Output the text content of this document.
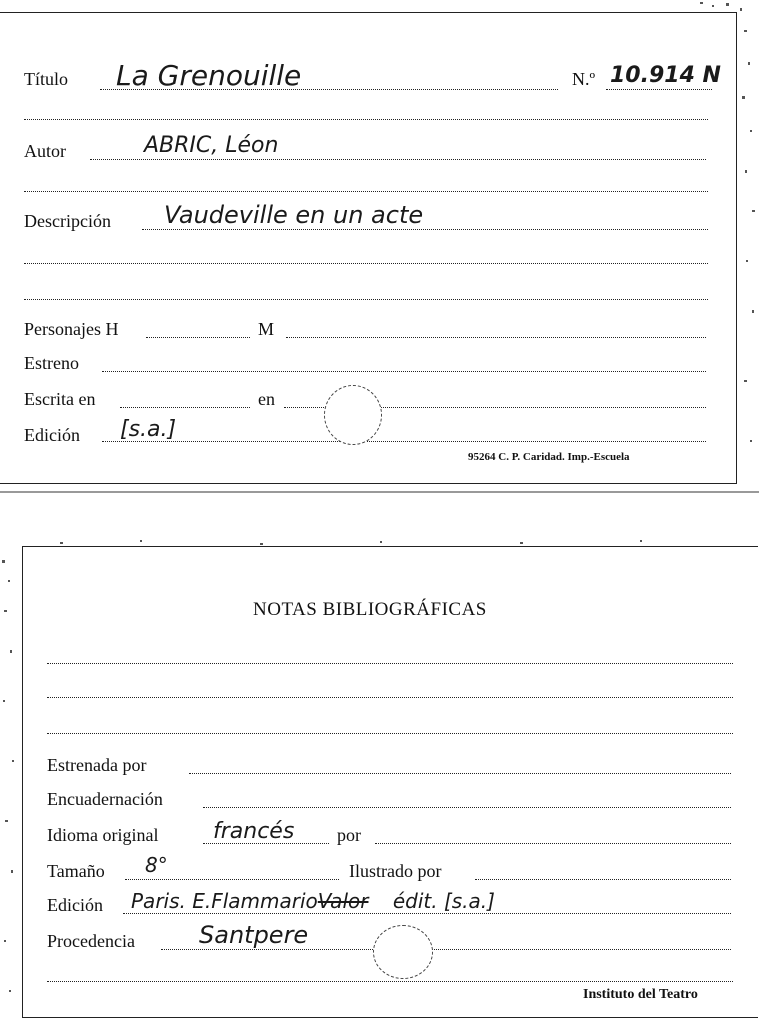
Título La Grenouille	N.º 10.914 N
Autor	ABRIC, Léon
Descripción Vaudeville en un acte
Personajes H	M
Estreno
Escrita en	en
Edición [s.a.]
95264 C. P. Caridad. Imp.-Escuela
NOTAS BIBLIOGRÁFICAS
Estrenada por
Encuadernación
Idioma original francés por
Tamaño 8°	Ilustrado por
Edición Paris. E.FlammarioValor édit. [s.a.]
Procedencia	Santpere
Instituto del Teatro
